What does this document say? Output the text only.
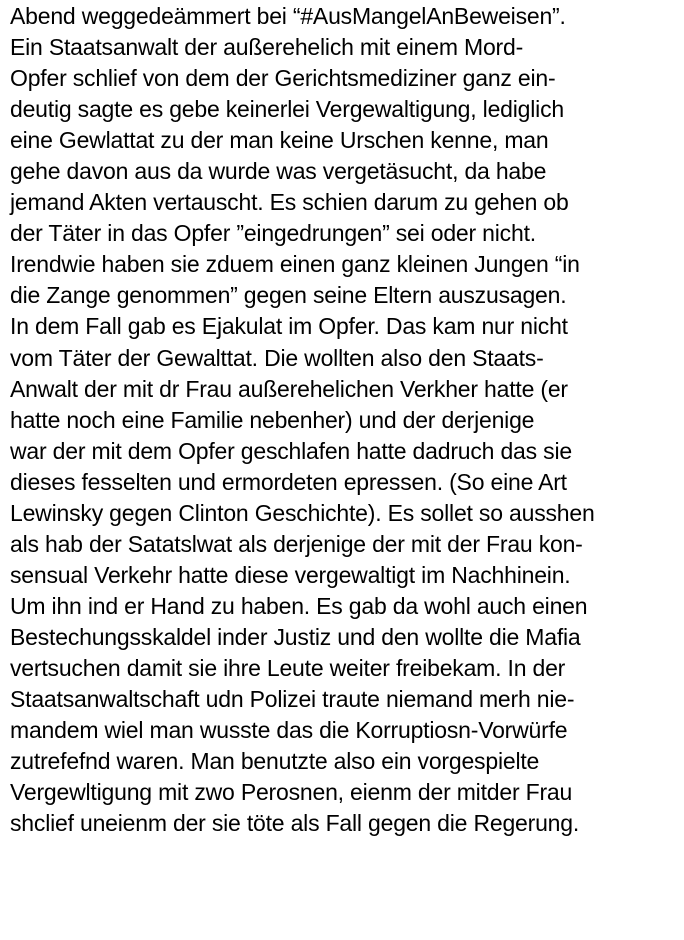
Abend weggedeämmert bei “#AusMangelAnBeweisen”.
Ein Staatsanwalt der außerehelich mit einem Mord-
Opfer schlief von dem der Gerichtsmediziner ganz ein-
deutig sagte es gebe keinerlei Vergewaltigung, lediglich
eine Gewlattat zu der man keine Urschen kenne, man
gehe davon aus da wurde was vergetäsucht, da habe
jemand Akten vertauscht. Es schien darum zu gehen ob
der Täter in das Opfer ”eingedrungen” sei oder nicht.
Irendwie haben sie zduem einen ganz kleinen Jungen “in
die Zange genommen” gegen seine Eltern auszusagen.
In dem Fall gab es Ejakulat im Opfer. Das kam nur nicht
vom Täter der Gewalttat. Die wollten also den Staats-
Anwalt der mit dr Frau außerehelichen Verkher hatte (er
hatte noch eine Familie nebenher) und der derjenige
war der mit dem Opfer geschlafen hatte dadruch das sie
dieses fesselten und ermordeten epressen. (So eine Art
Lewinsky gegen Clinton Geschichte). Es sollet so ausshen
als hab der Satatslwat als derjenige der mit der Frau kon-
sensual Verkehr hatte diese vergewaltigt im Nachhinein.
Um ihn ind er Hand zu haben. Es gab da wohl auch einen
Bestechungsskaldel inder Justiz und den wollte die Mafia
vertsuchen damit sie ihre Leute weiter freibekam. In der
Staatsanwaltschaft udn Polizei traute niemand merh nie-
mandem wiel man wusste das die Korruptiosn-Vorwürfe
zutrefefnd waren. Man benutzte also ein vorgespielte
Vergewltigung mit zwo Perosnen, eienm der mitder Frau
shclief uneienm der sie töte als Fall gegen die Regerung.
